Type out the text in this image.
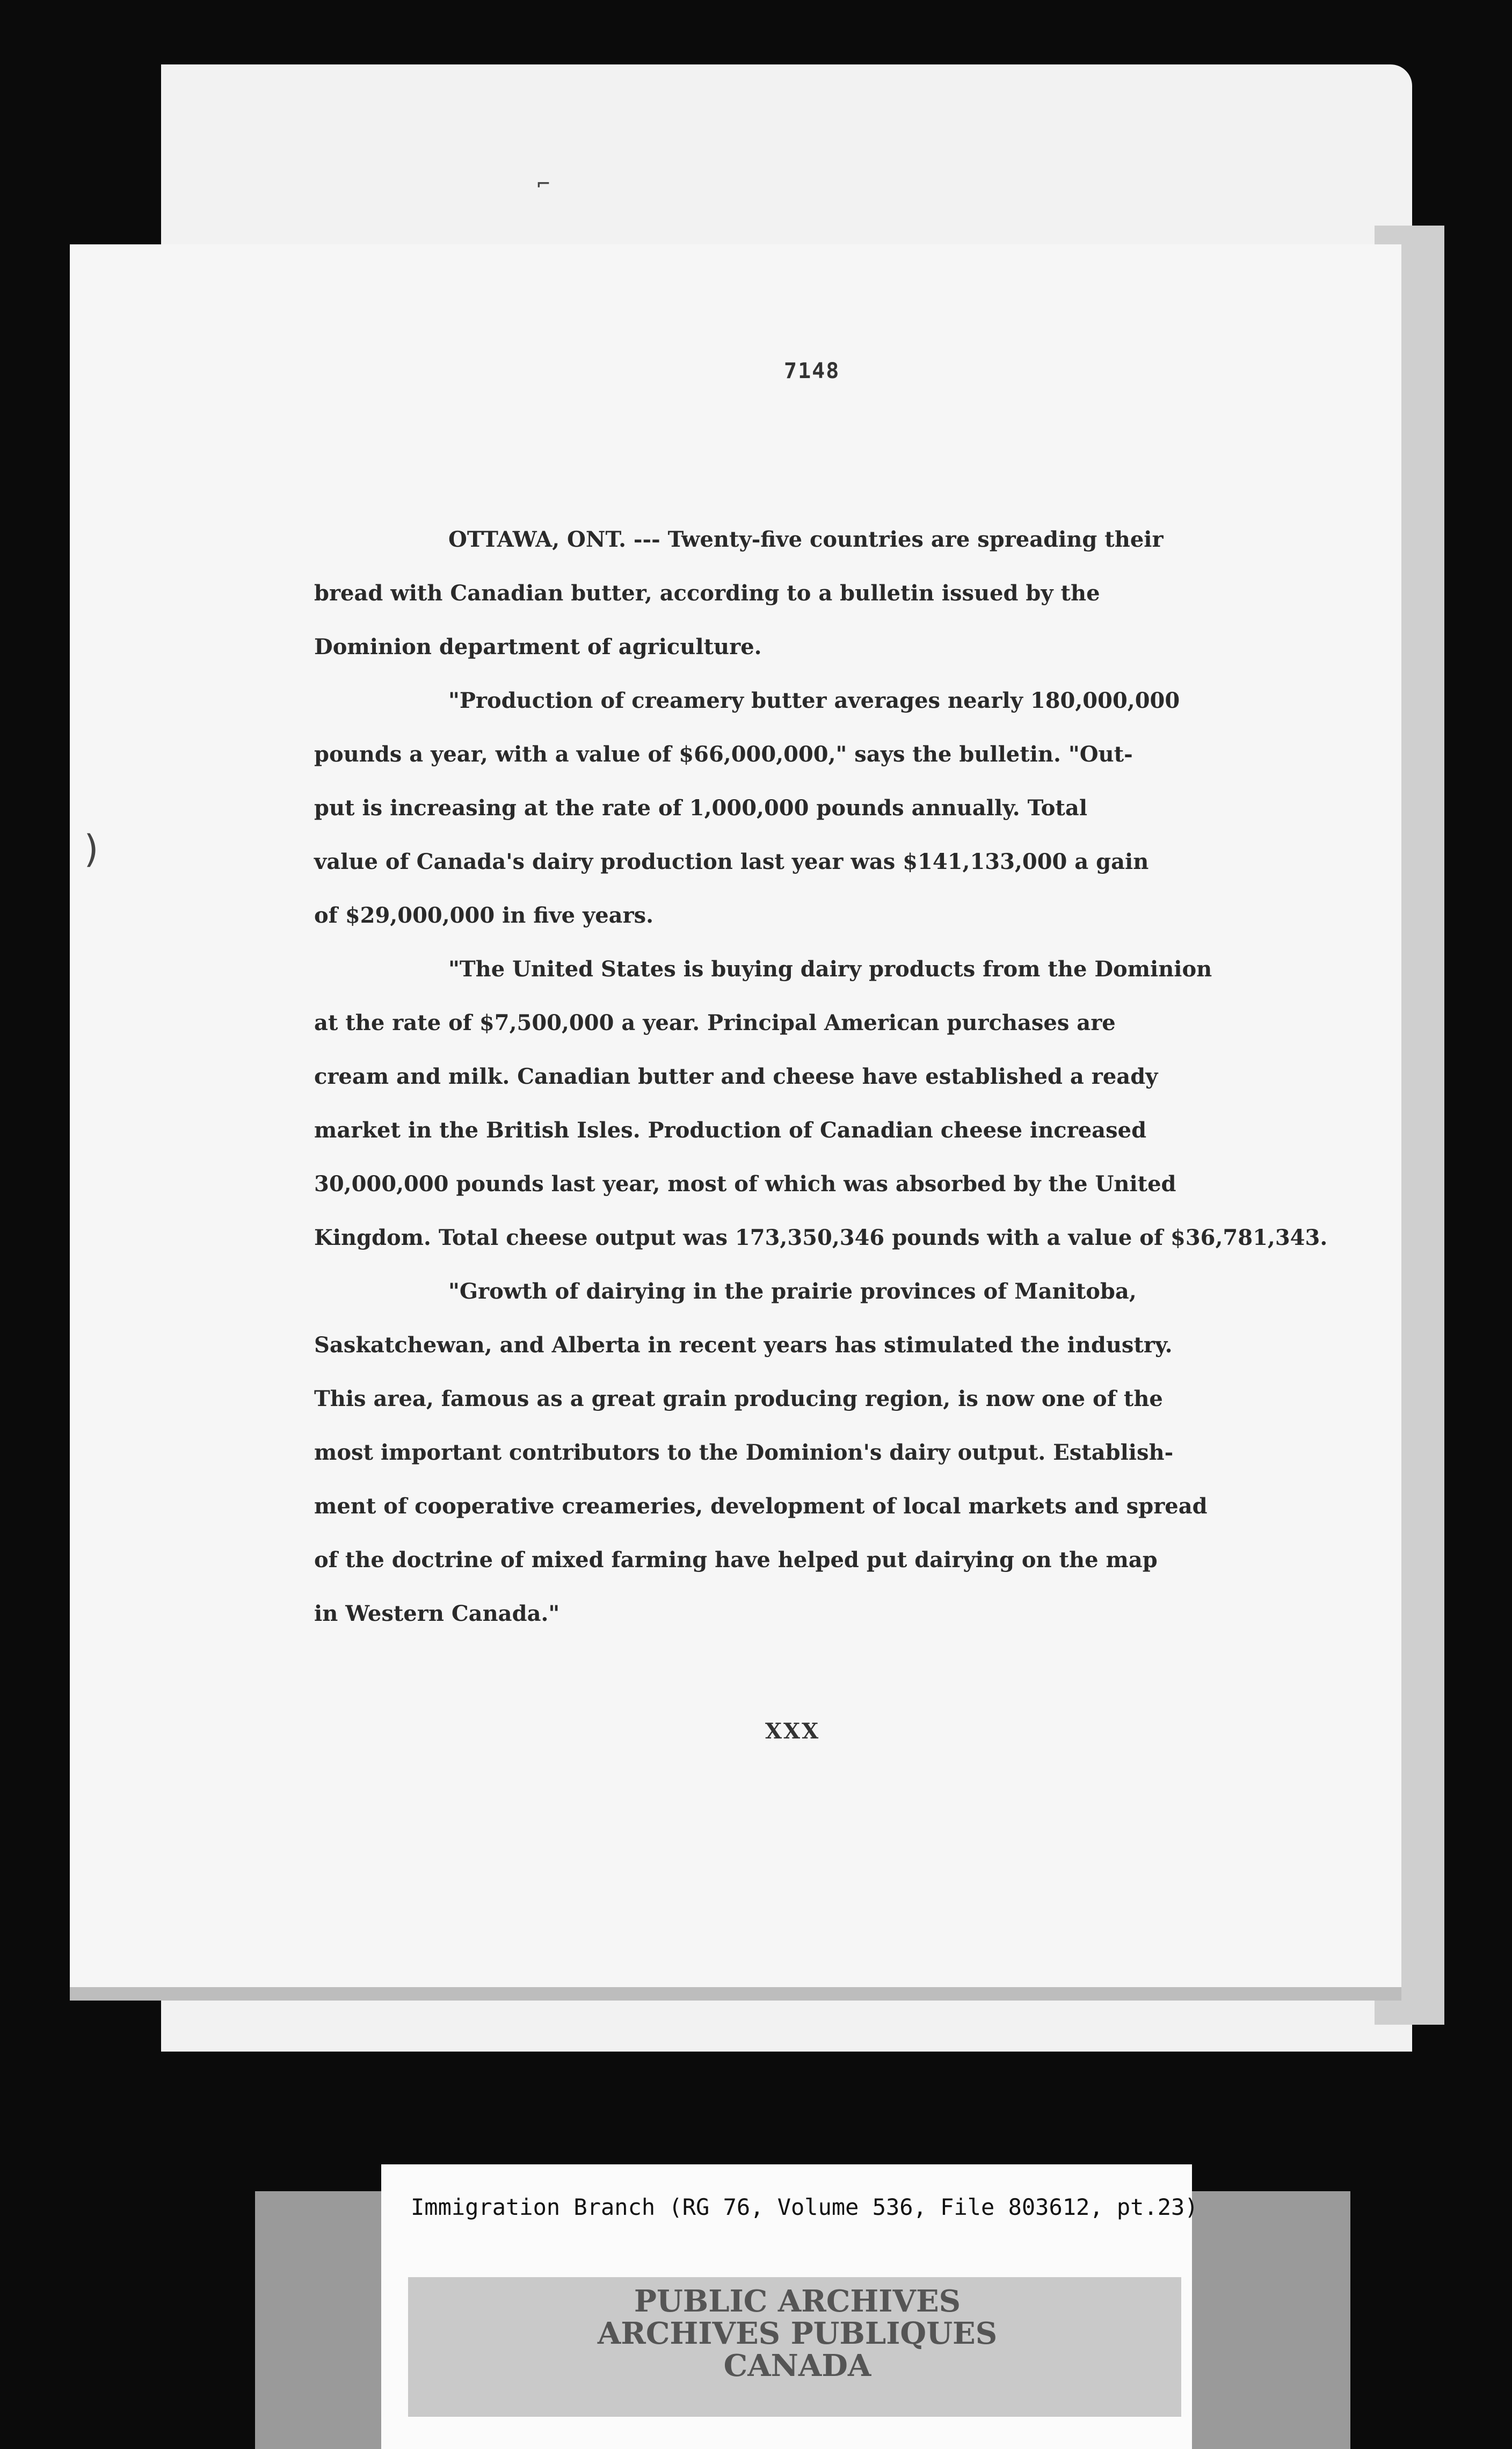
7148

OTTAWA, ONT. --- Twenty-five countries are spreading their
bread with Canadian butter, according to a bulletin issued by the
Dominion department of agriculture.

"Production of creamery butter averages nearly 180,000,000
pounds a year, with a value of $66,000,000," says the bulletin. "Out-
put is increasing at the rate of 1,000,000 pounds annually. Total
value of Canada's dairy production last year was $141,133,000 a gain
of $29,000,000 in five years.

"The United States is buying dairy products from the Dominion
at the rate of $7,500,000 a year. Principal American purchases are
cream and milk. Canadian butter and cheese have established a ready
market in the British Isles. Production of Canadian cheese increased
30,000,000 pounds last year, most of which was absorbed by the United
Kingdom. Total cheese output was 173,350,346 pounds with a value of $36,781,343.

"Growth of dairying in the prairie provinces of Manitoba,
Saskatchewan, and Alberta in recent years has stimulated the industry.
This area, famous as a great grain producing region, is now one of the
most important contributors to the Dominion's dairy output. Establish-
ment of cooperative creameries, development of local markets and spread
of the doctrine of mixed farming have helped put dairying on the map
in Western Canada."

XXX
⌐
)
Immigration Branch (RG 76, Volume 536, File 803612, pt.23)
PUBLIC ARCHIVES
ARCHIVES PUBLIQUES
CANADA
